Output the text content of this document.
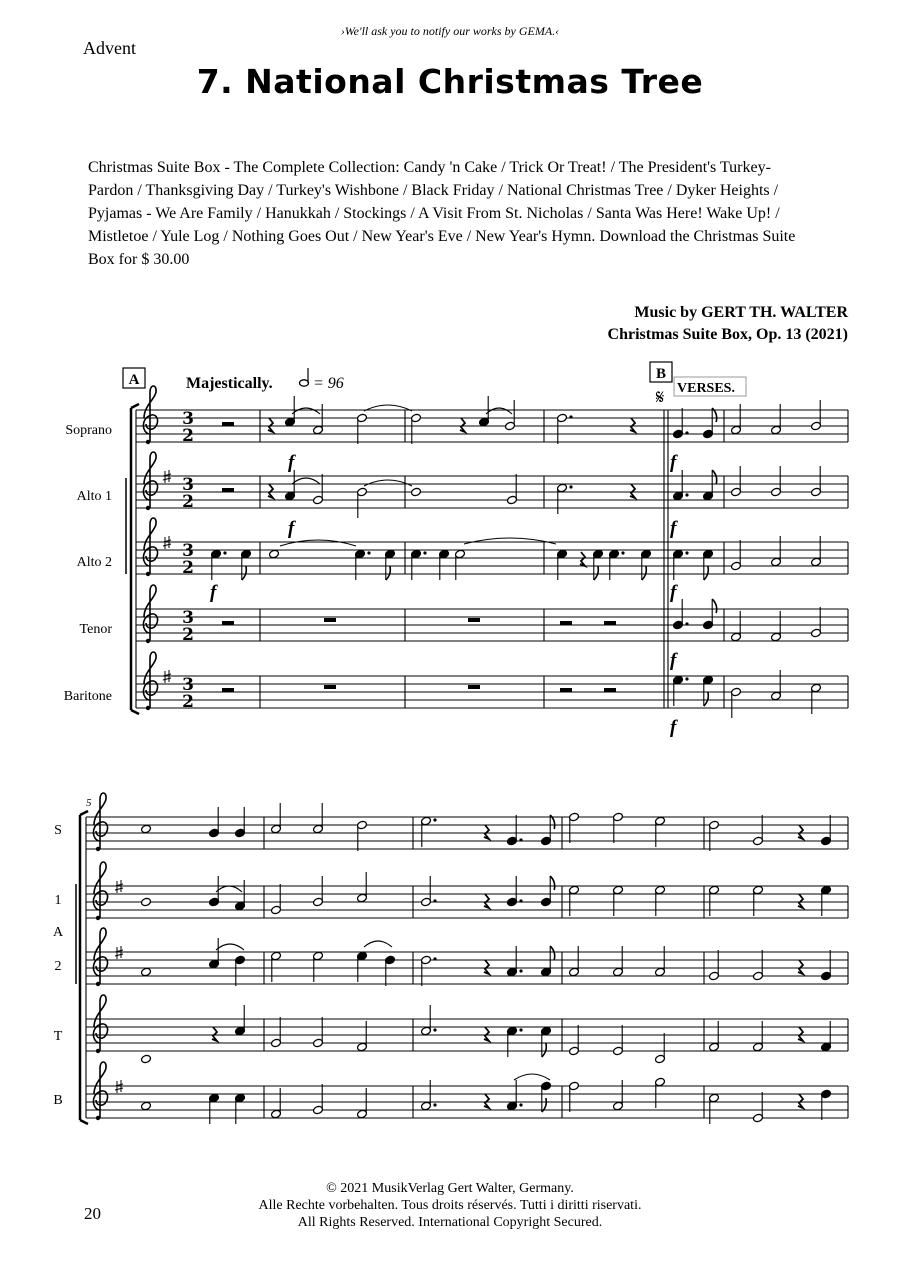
›We'll ask you to notify our works by GEMA.‹
Advent
7. National Christmas Tree
Christmas Suite Box - The Complete Collection: Candy 'n Cake / Trick Or Treat! / The President's Turkey-Pardon / Thanksgiving Day / Turkey's Wishbone / Black Friday / National Christmas Tree / Dyker Heights / Pyjamas - We Are Family / Hanukkah / Stockings / A Visit From St. Nicholas / Santa Was Here! Wake Up! / Mistletoe / Yule Log / Nothing Goes Out / New Year's Eve / New Year's Hymn. Download the Christmas Suite Box for $ 30.00
Music by GERT TH. WALTER
Christmas Suite Box, Op. 13 (2021)
A	Majestically.	= 96
B
𝄋 VERSES.
Soprano
Alto 1
Alto 2
Tenor
Baritone
3
2
3
2
3
2
3
2
3
2
f
f
f
f
f
f
f
f
5
S
1
A
2
T
B
20
© 2021 MusikVerlag Gert Walter, Germany.
Alle Rechte vorbehalten. Tous droits réservés. Tutti i diritti riservati.
All Rights Reserved. International Copyright Secured.
